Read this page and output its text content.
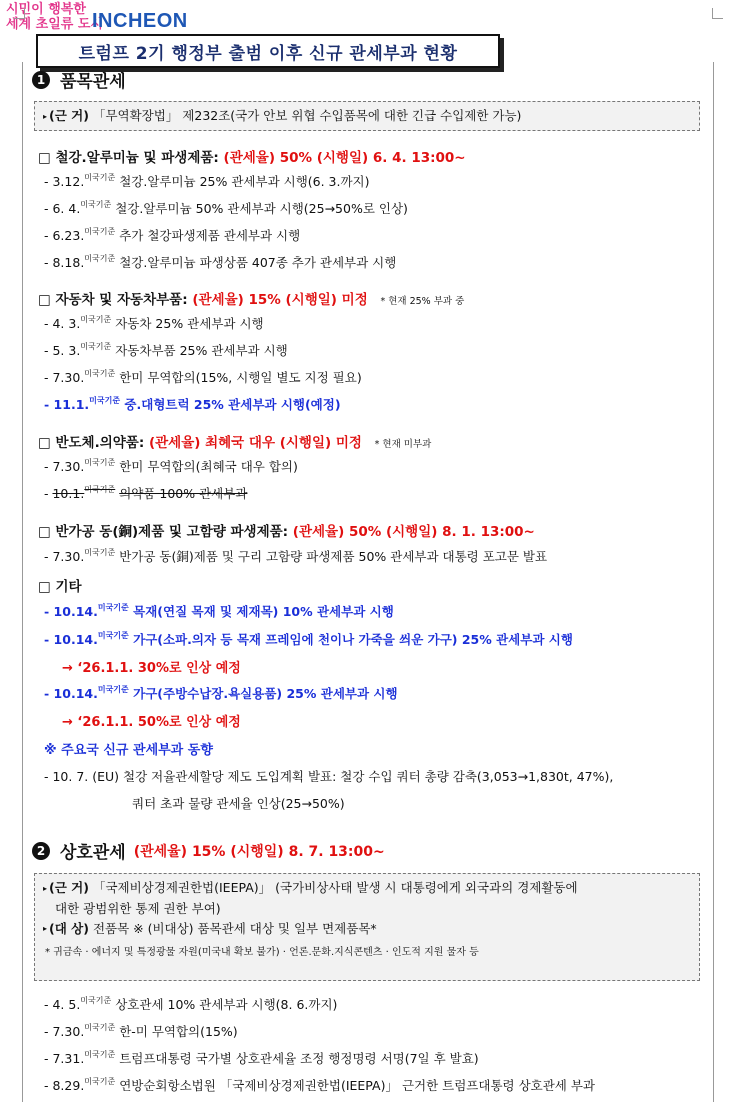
시민이 행복한
세계 초일류 도시
INCHEON
트럼프 2기 행정부 출범 이후 신규 관세부과 현황
1 품목관세
▸ (근 거) 「무역확장법」 제232조(국가 안보 위협 수입품목에 대한 긴급 수입제한 가능)
□ 철강.알루미늄 및 파생제품: (관세율) 50% (시행일) 6. 4. 13:00~
- 3.12.$^{미국기준}$ 철강.알루미늄 25% 관세부과 시행(6. 3.까지)
- 6. 4.$^{미국기준}$ 철강.알루미늄 50% 관세부과 시행(25→50%로 인상)
- 6.23.$^{미국기준}$ 추가 철강파생제품 관세부과 시행
- 8.18.$^{미국기준}$ 철강.알루미늄 파생상품 407종 추가 관세부과 시행
□ 자동차 및 자동차부품: (관세율) 15% (시행일) 미정 * 현재 25% 부과 중
- 4. 3.$^{미국기준}$ 자동차 25% 관세부과 시행
- 5. 3.$^{미국기준}$ 자동차부품 25% 관세부과 시행
- 7.30.$^{미국기준}$ 한미 무역합의(15%, 시행일 별도 지정 필요)
- 11.1.$^{미국기준}$ 중.대형트럭 25% 관세부과 시행(예정)
□ 반도체.의약품: (관세율) 최혜국 대우 (시행일) 미정 * 현재 미부과
- 7.30.$^{미국기준}$ 한미 무역합의(최혜국 대우 합의)
- 10.1.$^{미국기준}$ 의약품 100% 관세부과
□ 반가공 동(銅)제품 및 고함량 파생제품: (관세율) 50% (시행일) 8. 1. 13:00~
- 7.30.$^{미국기준}$ 반가공 동(銅)제품 및 구리 고함량 파생제품 50% 관세부과 대통령 포고문 발표
□ 기타
- 10.14.$^{미국기준}$ 목재(연질 목재 및 제재목) 10% 관세부과 시행
- 10.14.$^{미국기준}$ 가구(소파.의자 등 목재 프레임에 천이나 가죽을 씌운 가구) 25% 관세부과 시행
→ ‘26.1.1. 30%로 인상 예정
- 10.14.$^{미국기준}$ 가구(주방수납장.욕실용품) 25% 관세부과 시행
→ ‘26.1.1. 50%로 인상 예정
※ 주요국 신규 관세부과 동향
- 10. 7. (EU) 철강 저율관세할당 제도 도입계획 발표: 철강 수입 쿼터 총량 감축(3,053→1,830t, 47%),
쿼터 초과 물량 관세율 인상(25→50%)
2 상호관세 (관세율) 15% (시행일) 8. 7. 13:00~
▸ (근 거) 「국제비상경제권한법(IEEPA)」 (국가비상사태 발생 시 대통령에게 외국과의 경제활동에
대한 광범위한 통제 권한 부여)
▸ (대 상) 전품목 ※ (비대상) 품목관세 대상 및 일부 면제품목*
* 귀금속 · 에너지 및 특정광물 자원(미국내 확보 불가) · 언론.문화.지식콘텐츠 · 인도적 지원 물자 등
- 4. 5.$^{미국기준}$ 상호관세 10% 관세부과 시행(8. 6.까지)
- 7.30.$^{미국기준}$ 한-미 무역합의(15%)
- 7.31.$^{미국기준}$ 트럼프대통령 국가별 상호관세율 조정 행정명령 서명(7일 후 발효)
- 8.29.$^{미국기준}$ 연방순회항소법원 「국제비상경제권한법(IEEPA)」 근거한 트럼프대통령 상호관세 부과
